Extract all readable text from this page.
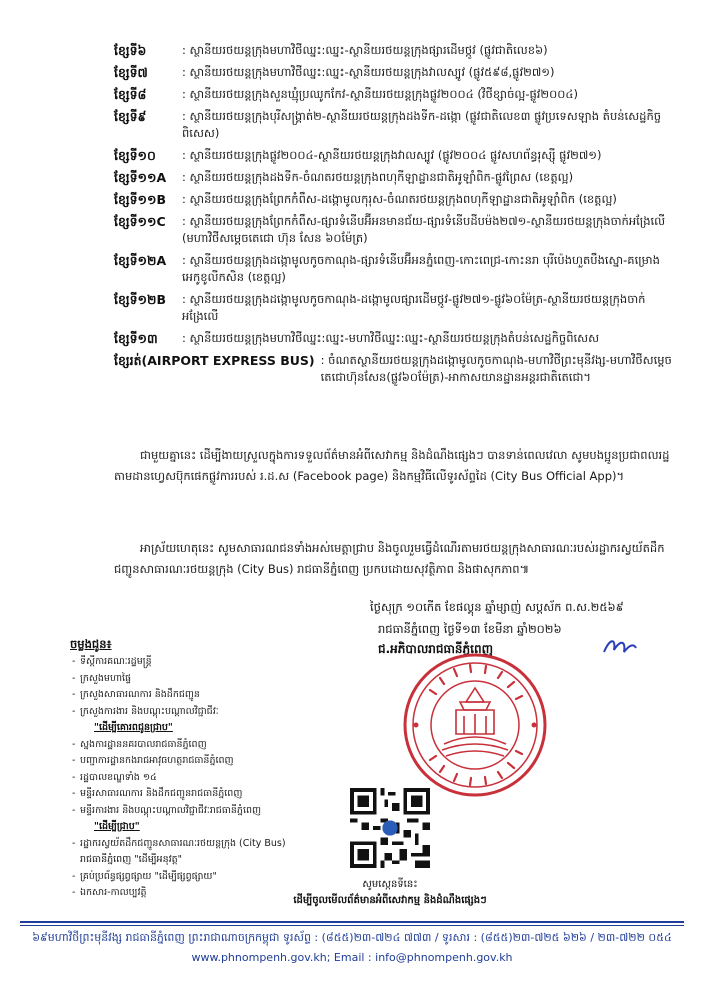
ខ្សែទី៦	: ស្ថានីយរថយន្តក្រុងមហាវិថីឈ្នះ:ឈ្នះ-ស្ថានីយរថយន្តក្រុងផ្សារដើមថ្កូវ (ផ្លូវជាតិលេខ៦)
ខ្សែទី៧	: ស្ថានីយរថយន្តក្រុងមហាវិថីឈ្នះ:ឈ្នះ-ស្ថានីយរថយន្តក្រុងវាលស្បូវ (ផ្លូវ៥៩៨,ផ្លូវ២៧១)
ខ្សែទី៨	: ស្ថានីយរថយន្តក្រុងសួនឃ្មុំប្រឈូកកែវ-ស្ថានីយរថយន្តក្រុងផ្លូវ២០០៤ (វិថីខ្សាច់ល្អ-ផ្លូវ២០០៤)
ខ្សែទី៩	: ស្ថានីយរថយន្តក្រុងបុរីសង្គ្រាត់២-ស្ថានីយរថយន្តក្រុងដងទីក-ដង្កោ (ផ្លូវជាតិលេខ៣ ផ្លូវប្រទេសឡាង តំបន់សេដ្ឋកិច្ចពិសេស)
ខ្សែទី១០	: ស្ថានីយរថយន្តក្រុងផ្លូវ២០០៤-ស្ថានីយរថយន្តក្រុងវាលស្បូវ (ផ្លូវ២០០៤ ផ្លូវសហព័ន្ធរុស្ស៊ី ផ្លូវ២៧១)
ខ្សែទី១១A	: ស្ថានីយរថយន្តក្រុងដងទីក-ចំណតរថយន្តក្រុងពហុកីឡាដ្ឋានជាតិអូឡាំពិក-ផ្លូវព្រៃស (ខេត្តល្អ)
ខ្សែទី១១B	: ស្ថានីយរថយន្តក្រុងព្រែកកំពឹស-ដង្កោមូលកុរុស-ចំណតរថយន្តក្រុងពហុកីឡាដ្ឋានជាតិអូឡាំពិក (ខេត្តល្អ)
ខ្សែទី១១C	: ស្ថានីយរថយន្តក្រុងព្រែកកំពឹស-ផ្សារទំនើបអ៊ីអនមានជ័យ-ផ្សារទំនើបដីបម៉ង២៧១-ស្ថានីយរថយន្តក្រុងចាក់អង្រែលើ (មហាវិថីសម្តេចតេជោ ហ៊ុន សែន ៦០ម៉ែត្រ)
ខ្សែទី១២A	: ស្ថានីយរថយន្តក្រុងដង្កោមូលកូចកាណុង-ផ្សារទំនើបអ៊ីអនភ្នំពេញ-កោះពេជ្រ-កោះនរា បុរីប៉េងហួតបឹងស្នោ-គម្រោងអេកូខូលីកសិន (ខេត្តល្អ)
ខ្សែទី១២B	: ស្ថានីយរថយន្តក្រុងដង្កោមូលកូចកាណុង-ដង្កោមូលផ្សារដើមថ្កូវ-ផ្លូវ២៧១-ផ្លូវ៦០ម៉ែត្រ-ស្ថានីយរថយន្តក្រុងចាក់អង្រែលើ
ខ្សែទី១៣	: ស្ថានីយរថយន្តក្រុងមហាវិថីឈ្នះ:ឈ្នះ-មហាវិថីឈ្នះ:ឈ្នះ-ស្ថានីយរថយន្តក្រុងតំបន់សេដ្ឋកិច្ចពិសេស
ខ្សែរត់(AIRPORT EXPRESS BUS) : ចំណតស្ថានីយរថយន្តក្រុងដង្កោមូលកូចកាណុង-មហាវិថីព្រះមុនីវង្ស-មហាវិថីសម្តេចតេជោហ៊ុនសែន(ផ្លូវ៦០ម៉ែត្រ)-អាកាសយានដ្ឋានអន្តរជាតិតេជោ។
ជាមួយគ្នានេះ ដើម្បីងាយស្រួលក្នុងការទទួលព័ត៌មានអំពីសេវាកម្ម និងដំណឹងផ្សេងៗ បានទាន់ពេលវេលា សូមបងប្អូនប្រជាពលរដ្ឋតាមដានហ្វេសប៊ុកផេកផ្លូវការរបស់ រ.ដ.ស (Facebook page) និងកម្មវិធីលើទូរស័ព្ទដៃ (City Bus Official App)។
អាស្រ័យហេតុនេះ សូមសាធារណជនទាំងអស់មេត្តាជ្រាប និងចូលរួមធ្វើដំណើរតាមរថយន្តក្រុងសាធារណៈរបស់រដ្ឋាករស្វយ័តដឹកជញ្ជូនសាធារណៈរថយន្តក្រុង (City Bus) រាជធានីភ្នំពេញ ប្រកបដោយសុវត្ថិភាព និងផាសុកភាព៕
ថ្ងៃសុក្រ ១០កើត ខែផល្គុន ឆ្នាំម្សាញ់ សប្តស័ក ព.ស.២៥៦៩
រាជធានីភ្នំពេញ ថ្ងៃទី១៣ ខែមីនា ឆ្នាំ២០២៦
ជ.អភិបាលរាជធានីភ្នំពេញ
ចម្លងជូន៖
- ទីស្តីការគណៈរដ្ឋមន្ត្រី
- ក្រសួងមហាផ្ទៃ
- ក្រសួងសាធារណការ និងដឹកជញ្ជូន
- ក្រសួងការងារ និងបណ្តុះបណ្តាលវិជ្ជាជីវៈ
"ដើម្បីគោរពជូនជ្រាប"
- ស្នងការដ្ឋាននគរបាលរាជធានីភ្នំពេញ
- បញ្ជាការដ្ឋានកងរាជអាវុធហត្ថរាជធានីភ្នំពេញ
- រដ្ឋបាលខណ្ឌទាំង ១៤
- មន្ទីរសាធារណការ និងដឹកជញ្ជូនរាជធានីភ្នំពេញ
- មន្ទីរការងារ និងបណ្តុះបណ្តាលវិជ្ជាជីវៈរាជធានីភ្នំពេញ
"ដើម្បីជ្រាប"
- រដ្ឋាករស្វយ័តដឹកជញ្ជូនសាធារណៈរថយន្តក្រុង (City Bus)
រាជធានីភ្នំពេញ "ដើម្បីអនុវត្ត"
- គ្រប់ប្រព័ន្ធផ្សព្វផ្សាយ "ដើម្បីផ្សព្វផ្សាយ"
- ឯកសារ-កាលប្បវត្តិ
សូមស្កេនទីនេះ
ដើម្បីចូលមើលព័ត៌មានអំពីសេវាកម្ម និងដំណឹងផ្សេងៗ
៦៩មហាវិថីព្រះមុនីវង្ស រាជធានីភ្នំពេញ ព្រះរាជាណាចក្រកម្ពុជា ទូរស័ព្ទ : (៨៥៥)២៣-៧២៤ ៧៧៣ / ទូរសារ : (៨៥៥)២៣-៧២៥ ៦២៦ / ២៣-៧២២ ០៥៤
www.phnompenh.gov.kh; Email : info@phnompenh.gov.kh
